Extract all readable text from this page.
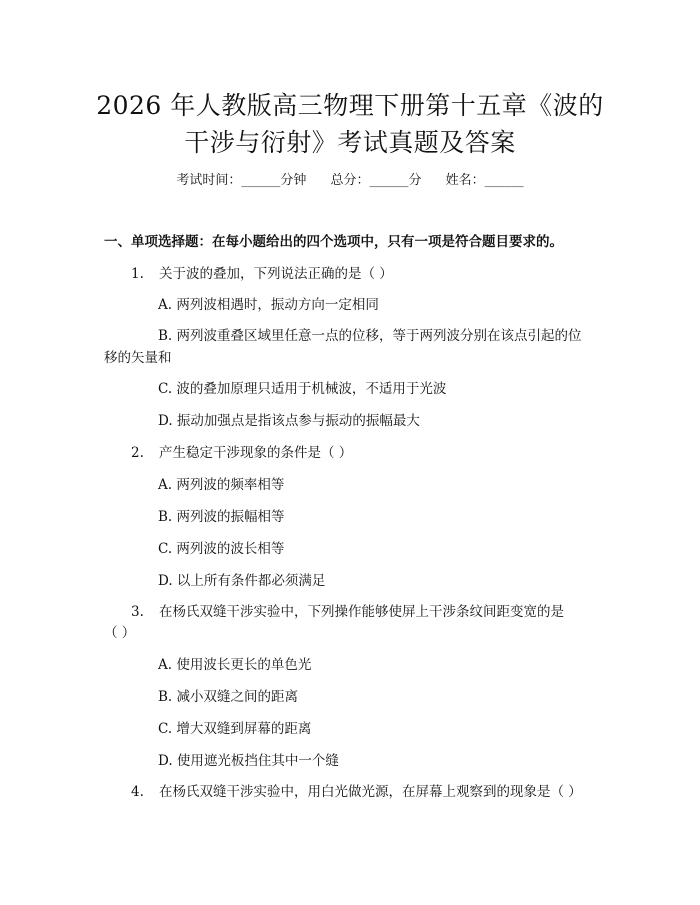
2026 年人教版高三物理下册第十五章《波的
干涉与衍射》考试真题及答案
考试时间：______分钟 总分：______分 姓名：______
一、单项选择题：在每小题给出的四个选项中，只有一项是符合题目要求的。
1. 关于波的叠加，下列说法正确的是（ ）
A. 两列波相遇时，振动方向一定相同
B. 两列波重叠区域里任意一点的位移，等于两列波分别在该点引起的位
移的矢量和
C. 波的叠加原理只适用于机械波，不适用于光波
D. 振动加强点是指该点参与振动的振幅最大
2. 产生稳定干涉现象的条件是（ ）
A. 两列波的频率相等
B. 两列波的振幅相等
C. 两列波的波长相等
D. 以上所有条件都必须满足
3. 在杨氏双缝干涉实验中，下列操作能够使屏上干涉条纹间距变宽的是
（ ）
A. 使用波长更长的单色光
B. 减小双缝之间的距离
C. 增大双缝到屏幕的距离
D. 使用遮光板挡住其中一个缝
4. 在杨氏双缝干涉实验中，用白光做光源，在屏幕上观察到的现象是（ ）
